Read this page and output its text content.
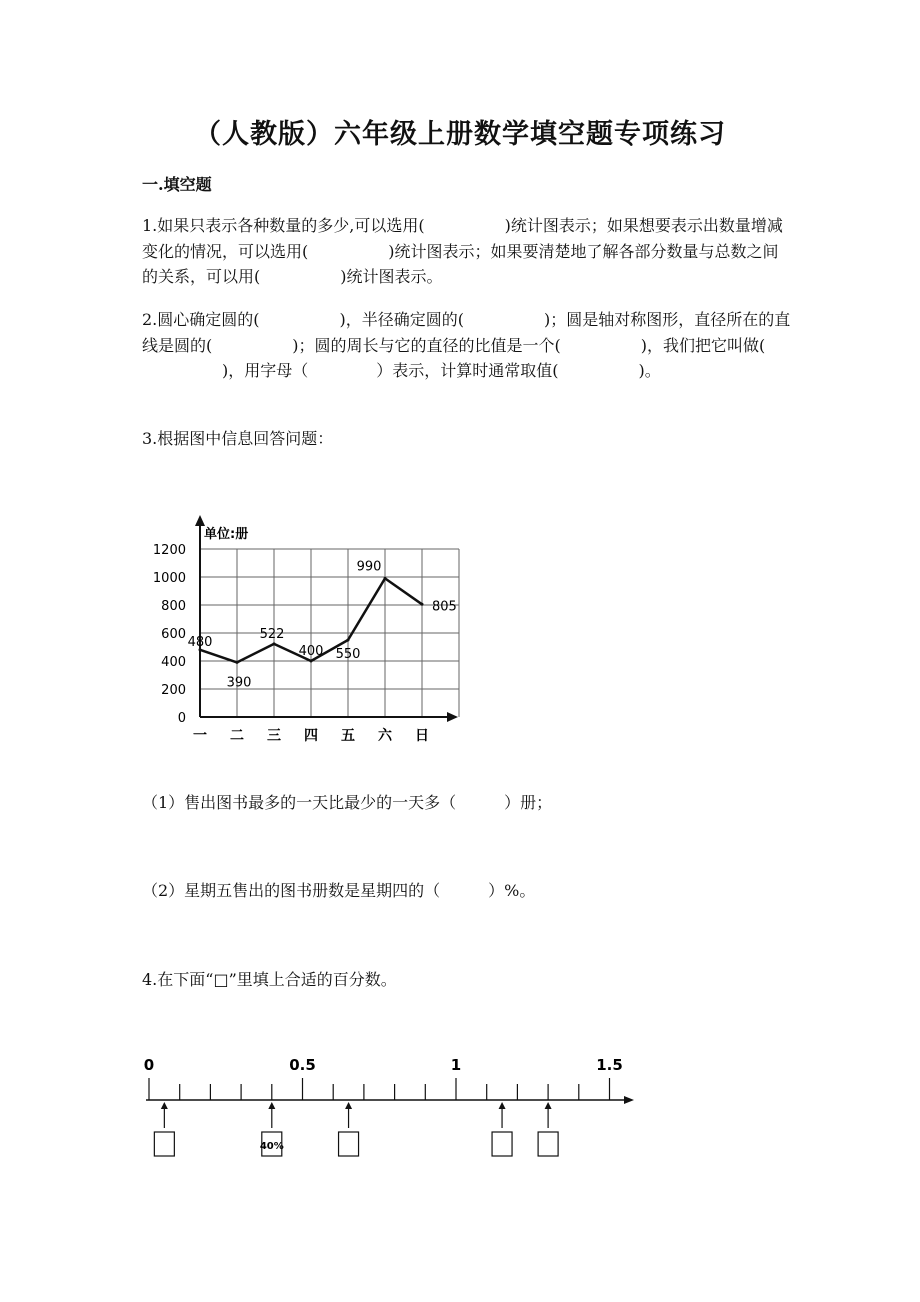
（人教版）六年级上册数学填空题专项练习
一.填空题
1.如果只表示各种数量的多少,可以选用(	)统计图表示；如果想要表示出数量增减变化的情况，可以选用(	)统计图表示；如果要清楚地了解各部分数量与总数之间的关系，可以用(	)统计图表示。
2.圆心确定圆的(	)，半径确定圆的(	)；圆是轴对称图形，直径所在的直线是圆的(	)；圆的周长与它的直径的比值是一个(	)，我们把它叫做()，用字母（	）表示，计算时通常取值(	)。
3.根据图中信息回答问题：
0
200
400
600
800
1000
1200
一 二 三 四 五 六 日
480
390
522
400 550
990
805
单位:册
（1）售出图书最多的一天比最少的一天多（　　　）册；
（2）星期五售出的图书册数是星期四的（　　　）%。
4.在下面“□”里填上合适的百分数。
0	0.5	1	1.5
40%
